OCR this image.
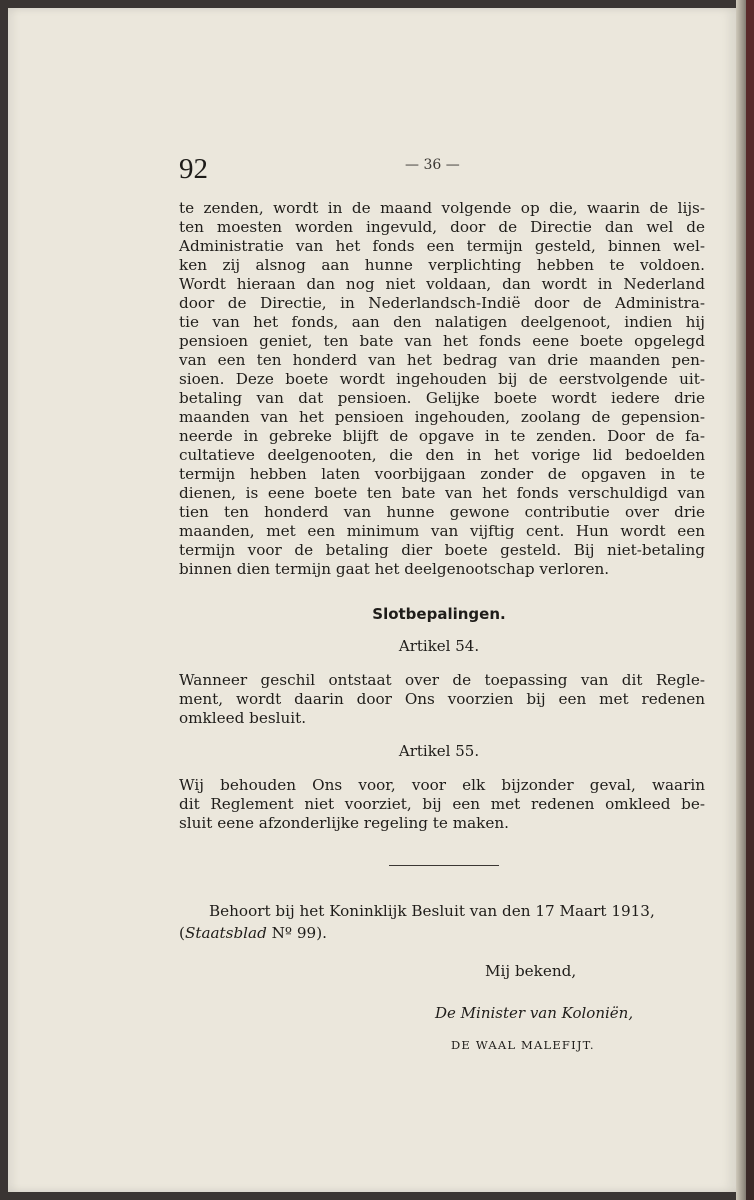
92	— 36 —
te zenden, wordt in de maand volgende op die, waarin de lijs-
ten moesten worden ingevuld, door de Directie dan wel de
Administratie van het fonds een termijn gesteld, binnen wel-
ken zij alsnog aan hunne verplichting hebben te voldoen.
Wordt hieraan dan nog niet voldaan, dan wordt in Nederland
door de Directie, in Nederlandsch-Indië door de Administra-
tie van het fonds, aan den nalatigen deelgenoot, indien hij
pensioen geniet, ten bate van het fonds eene boete opgelegd
van een ten honderd van het bedrag van drie maanden pen-
sioen. Deze boete wordt ingehouden bij de eerstvolgende uit-
betaling van dat pensioen. Gelijke boete wordt iedere drie
maanden van het pensioen ingehouden, zoolang de gepension-
neerde in gebreke blijft de opgave in te zenden. Door de fa-
cultatieve deelgenooten, die den in het vorige lid bedoelden
termijn hebben laten voorbijgaan zonder de opgaven in te
dienen, is eene boete ten bate van het fonds verschuldigd van
tien ten honderd van hunne gewone contributie over drie
maanden, met een minimum van vijftig cent. Hun wordt een
termijn voor de betaling dier boete gesteld. Bij niet-betaling
binnen dien termijn gaat het deelgenootschap verloren.
Slotbepalingen.
Artikel 54.
Wanneer geschil ontstaat over de toepassing van dit Regle-
ment, wordt daarin door Ons voorzien bij een met redenen
omkleed besluit.
Artikel 55.
Wij behouden Ons voor, voor elk bijzonder geval, waarin
dit Reglement niet voorziet, bij een met redenen omkleed be-
sluit eene afzonderlijke regeling te maken.
Behoort bij het Koninklijk Besluit van den 17 Maart 1913,
(Staatsblad Nº 99).
Mij bekend,
De Minister van Koloniën,
DE WAAL MALEFIJT.
